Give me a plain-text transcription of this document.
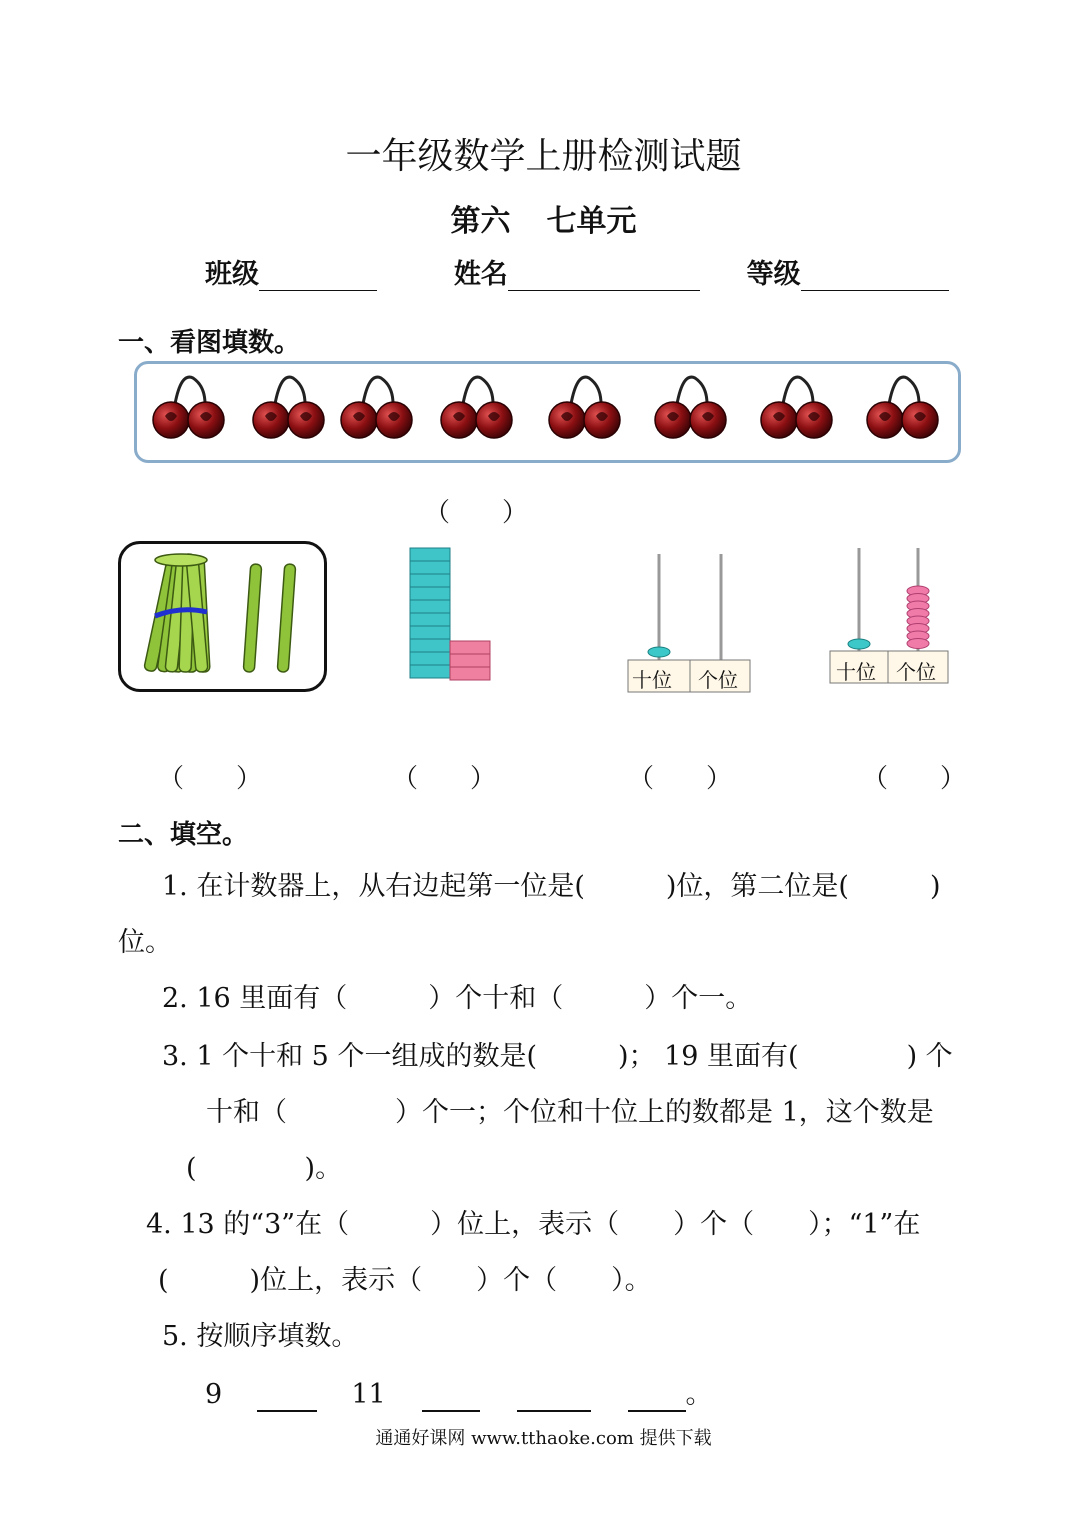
一年级数学上册检测试题
第六 七单元
班级	姓名	等级
一、看图填数。
（　　）
十位 个位	十位 个位
（　　）	（　　）	（　　）	（　　）
二、填空。
1. 在计数器上，从右边起第一位是(　　　)位，第二位是(　　　)
位。
2. 16 里面有（　　　）个十和（　　　）个一。
3. 1 个十和 5 个一组成的数是(　　　)； 19 里面有(　　　　) 个
十和（　　　　）个一；个位和十位上的数都是 1，这个数是
(　　　　)。
4. 13 的“3”在（　　　）位上，表示（　　）个（　　）；“1”在
(　　　)位上，表示（　　）个（　　）。
5. 按顺序填数。
9	11	。
通通好课网 www.tthaoke.com 提供下载
